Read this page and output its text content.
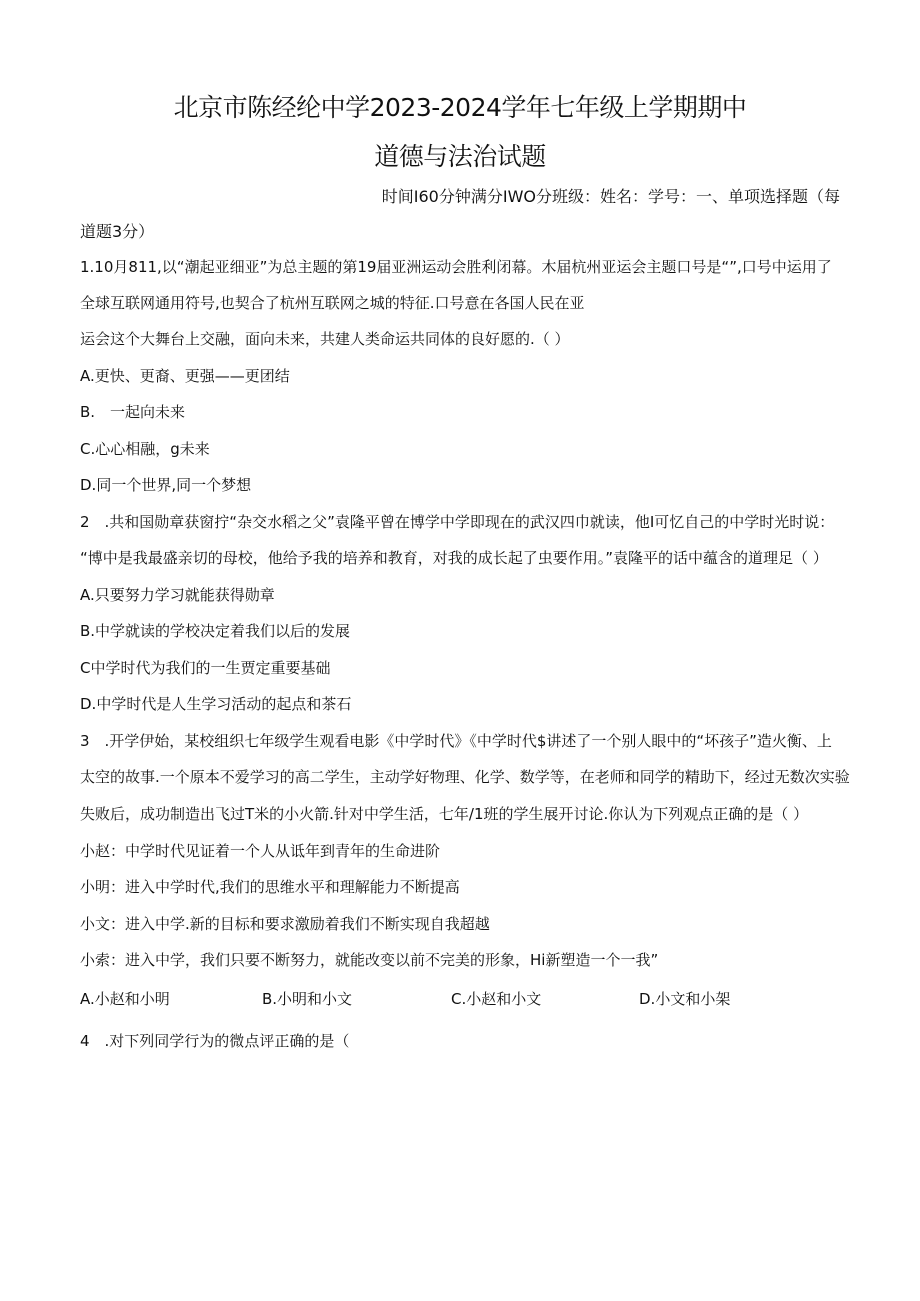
北京市陈经纶中学2023-2024学年七年级上学期期中
道德与法治试题
时间I60分钟满分IWO分班级：姓名：学号：一、单项选择题（每
道题3分）
1.10月811,以“潮起亚细亚”为总主题的第19届亚洲运动会胜利闭幕。木届杭州亚运会主题口号是“”,口号中运用了
全球互联网通用符号,也契合了杭州互联网之城的特征.口号意在各国人民在亚
运会这个大舞台上交融，面向未来，共建人类命运共同体的良好愿的.（ ）
A.更快、更裔、更强——更团结
B.　一起向未来
C.心心相融，g未来
D.同一个世界,同一个梦想
2　.共和国勋章获窗拧“杂交水稻之父”袁隆平曾在博学中学即现在的武汉四巾就读，他I可忆自己的中学时光时说：
“博中是我最盛亲切的母校，他给予我的培养和教育，对我的成长起了虫要作用。”袁隆平的话中蕴含的道理足（ ）
A.只要努力学习就能获得勋章
B.中学就读的学校决定着我们以后的发展
C中学时代为我们的一生贾定重要基础
D.中学时代是人生学习活动的起点和茶石
3　.开学伊始，某校组织七年级学生观看电影《中学时代》《中学时代$讲述了一个别人眼中的“坏孩子”造火衡、上
太空的故事.一个原本不爱学习的高二学生，主动学好物理、化学、数学等，在老师和同学的精助下，经过无数次实验
失败后，成功制造出飞过T米的小火箭.针对中学生活，七年/1班的学生展开讨论.你认为下列观点正确的是（ ）
小赵：中学时代见证着一个人从诋年到青年的生命进阶
小明：进入中学时代,我们的思维水平和理解能力不断提高
小文：进入中学.新的目标和要求激励着我们不断实现自我超越
小索：进入中学，我们只要不断努力，就能改变以前不完美的形象，Hi新塑造一个一我”
A.小赵和小明	B.小明和小文	C.小赵和小文	D.小文和小架
4　.对下列同学行为的微点评正确的是（
